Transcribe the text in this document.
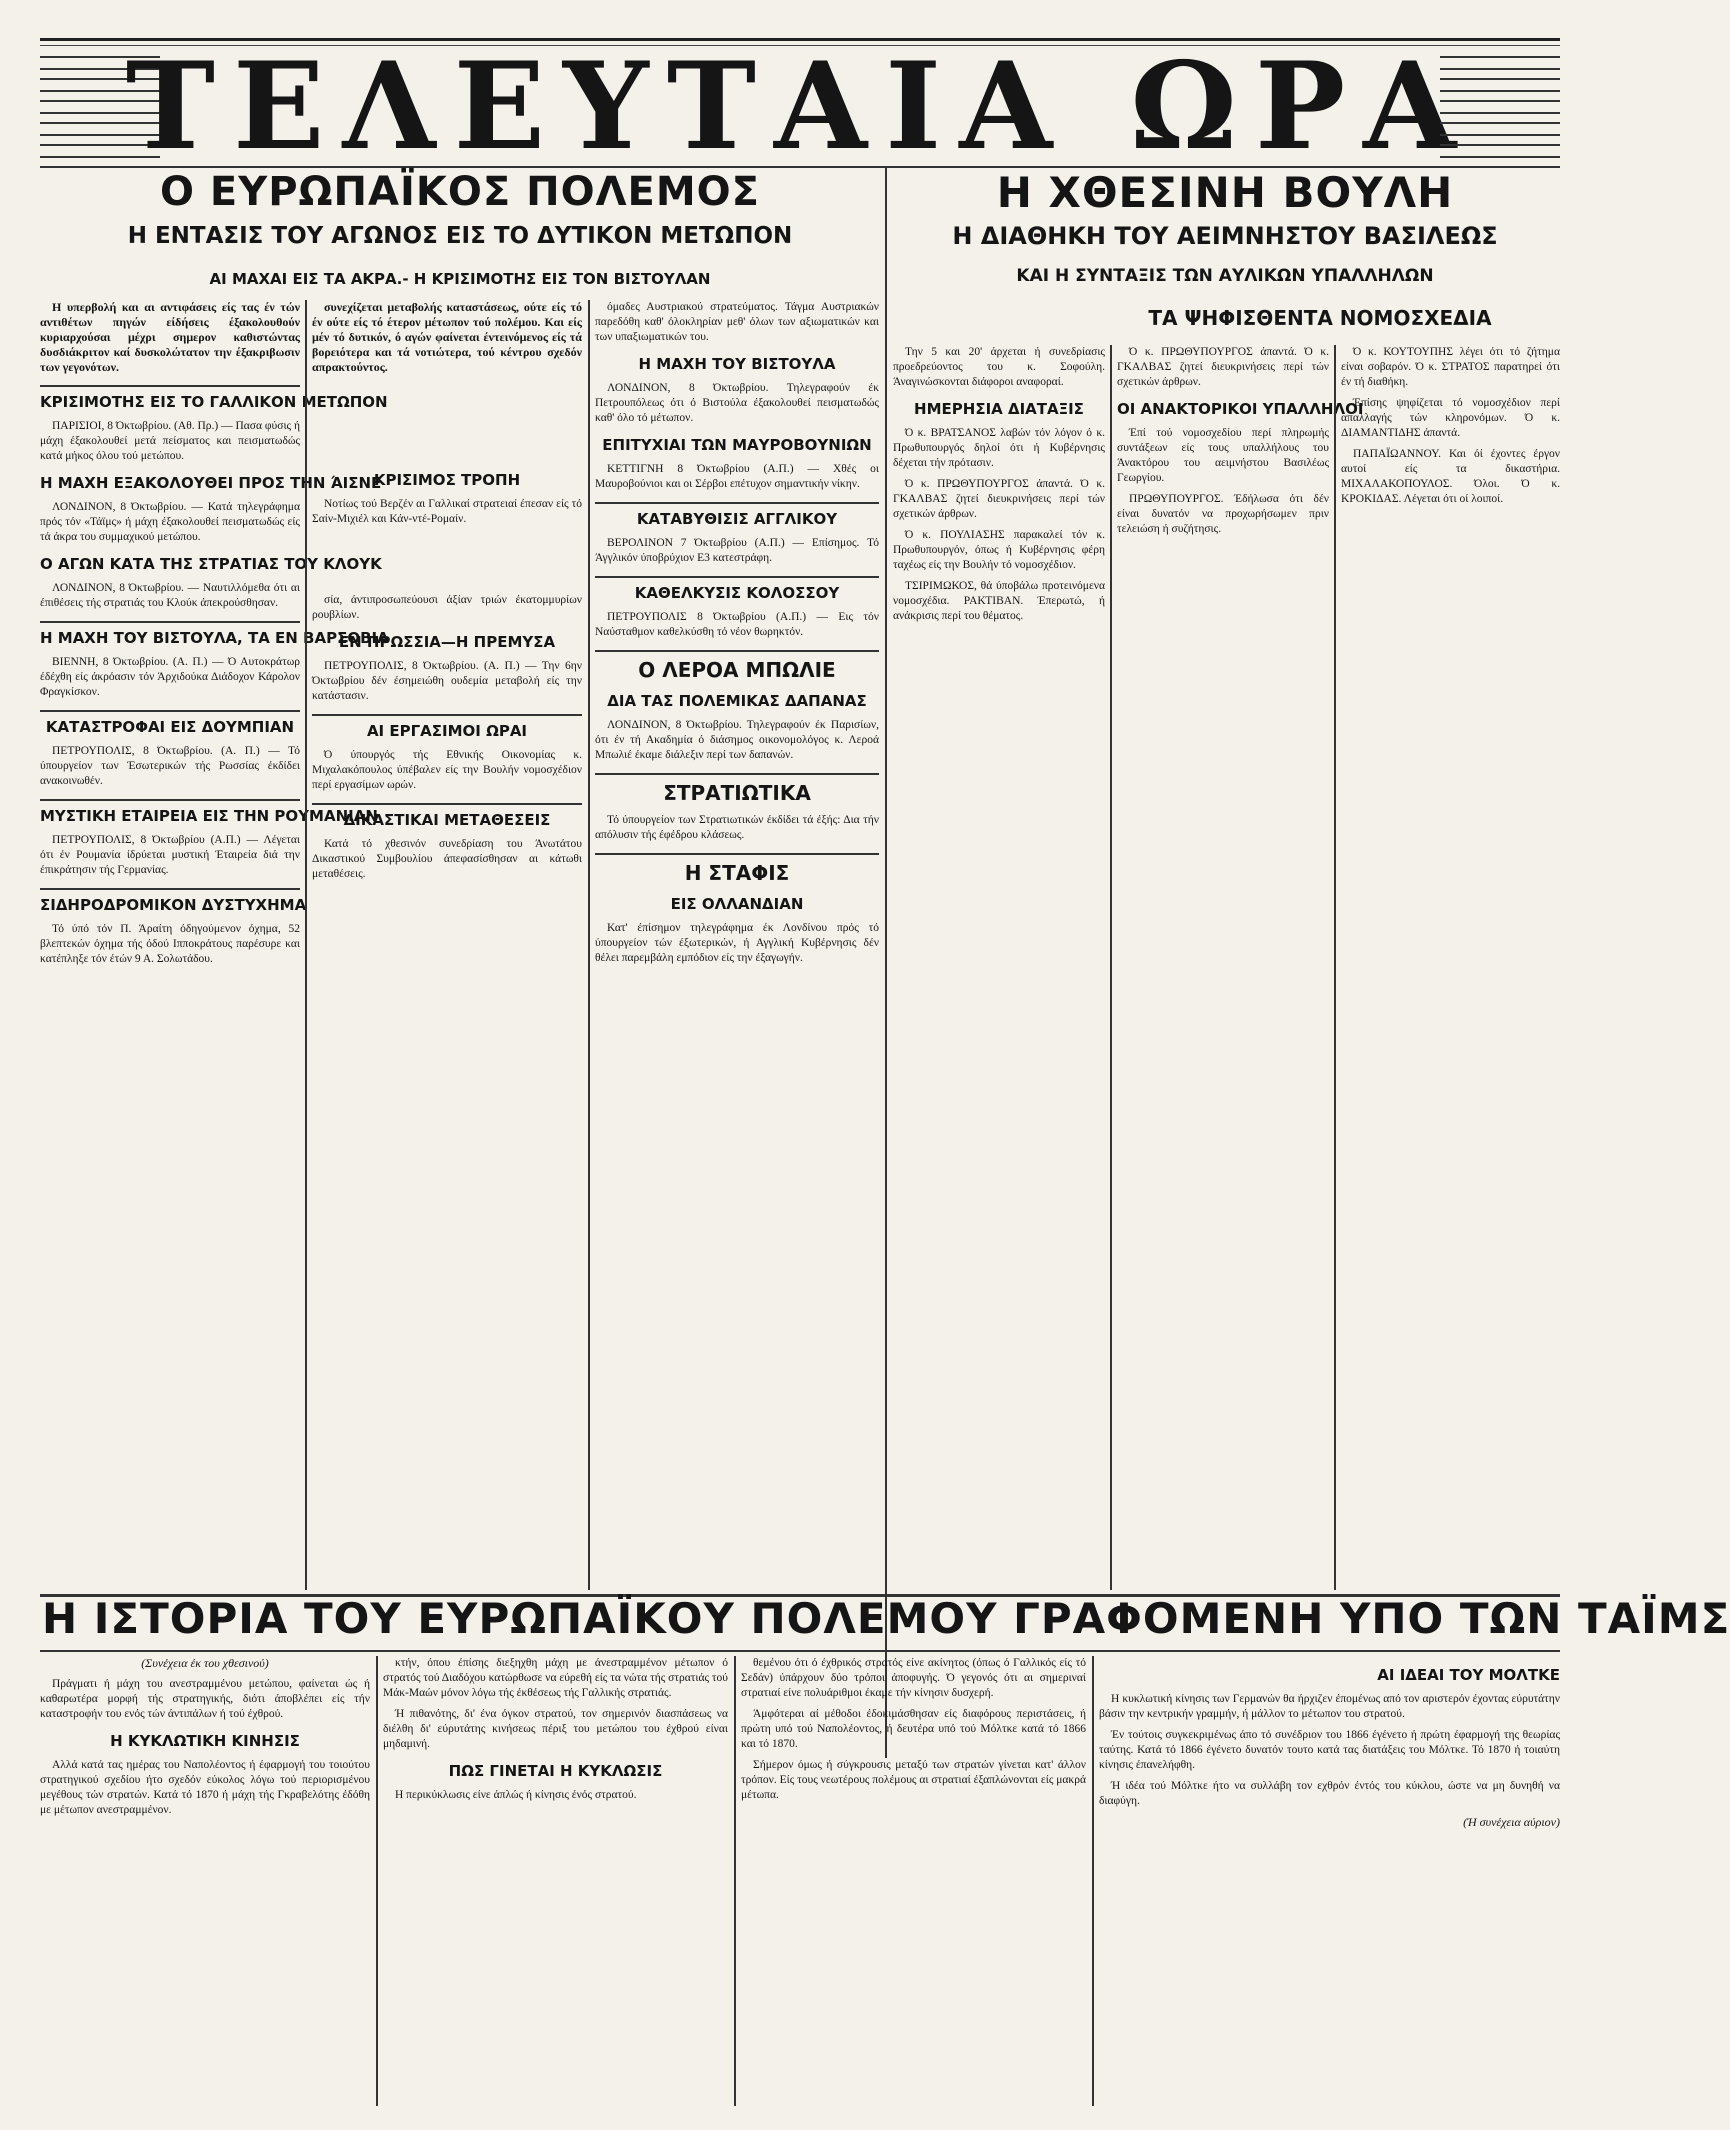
ΤΕΛΕΥΤΑΙΑ ΩΡΑ
Ο ΕΥΡΩΠΑΪΚΟΣ ΠΟΛΕΜΟΣ
Η ΕΝΤΑΣΙΣ ΤΟΥ ΑΓΩΝΟΣ ΕΙΣ ΤΟ ΔΥΤΙΚΟΝ ΜΕΤΩΠΟΝ
ΑΙ ΜΑΧΑΙ ΕΙΣ ΤΑ ΑΚΡΑ.- Η ΚΡΙΣΙΜΟΤΗΣ ΕΙΣ ΤΟΝ ΒΙΣΤΟΥΛΑΝ
Η ΧΘΕΣΙΝΗ ΒΟΥΛΗ
Η ΔΙΑΘΗΚΗ ΤΟΥ ΑΕΙΜΝΗΣΤΟΥ ΒΑΣΙΛΕΩΣ
ΚΑΙ Η ΣΥΝΤΑΞΙΣ ΤΩΝ ΑΥΛΙΚΩΝ ΥΠΑΛΛΗΛΩΝ
ΤΑ ΨΗΦΙΣΘΕΝΤΑ ΝΟΜΟΣΧΕΔΙΑ

Η υπερβολή και αι αντιφάσεις είς τας έν τών αντιθέτων πηγών είδήσεις έξακολουθούν κυριαρχούσαι μέχρι σημερον καθιστώντας δυσδιάκριτον καί δυσκολώτατον την έξακριβωσιν των γεγονότων.

ΚΡΙΣΙΜΟΤΗΣ ΕΙΣ ΤΟ ΓΑΛΛΙΚΟΝ ΜΕΤΩΠΟΝ

ΠΑΡΙΣΙΟΙ, 8 Όκτωβρίου. (Αθ. Πρ.) — Πασα φύσις ή μάχη έξακολουθεί μετά πείσματος και πεισματωδώς κατά μήκος όλου τού μετώπου.

Η ΜΑΧΗ ΕΞΑΚΟΛΟΥΘΕΙ ΠΡΟΣ ΤΗΝ ΆΙΣΝΕ

ΛΟΝΔΙΝΟΝ, 8 Όκτωβρίου. — Κατά τηλεγράφημα πρός τόν «Τάϊμς» ή μάχη έξακολουθεί πεισματωδώς είς τά άκρα του συμμαχικού μετώπου.

Ο ΑΓΩΝ ΚΑΤΑ ΤΗΣ ΣΤΡΑΤΙΑΣ ΤΟΥ ΚΛΟΥΚ

ΛΟΝΔΙΝΟΝ, 8 Όκτωβρίου. — Ναυτιλλόμεθα ότι αι έπιθέσεις τής στρατιάς του Κλούκ άπεκρούσθησαν.

Η ΜΑΧΗ ΤΟΥ ΒΙΣΤΟΥΛΑ, ΤΑ ΕΝ ΒΑΡΣΟΒΙΑ

ΒΙΕΝΝΗ, 8 Όκτωβρίου. (Α. Π.) — Ό Αυτοκράτωρ έδέχθη είς άκρόασιν τόν Άρχιδούκα Διάδοχον Κάρολον Φραγκίσκον.

ΚΑΤΑΣΤΡΟΦΑΙ ΕΙΣ ΔΟΥΜΠΙΑΝ

ΠΕΤΡΟΥΠΟΛΙΣ, 8 Όκτωβρίου. (Α. Π.) — Τό ύπουργείον των Έσωτερικών τής Ρωσσίας έκδίδει ανακοινωθέν.

ΜΥΣΤΙΚΗ ΕΤΑΙΡΕΙΑ ΕΙΣ ΤΗΝ ΡΟΥΜΑΝΙΑΝ

ΠΕΤΡΟΥΠΟΛΙΣ, 8 Όκτωβρίου (Α.Π.) — Λέγεται ότι έν Ρουμανία ίδρύεται μυστική Έταιρεία διά την έπικράτησιν τής Γερμανίας.

ΣΙΔΗΡΟΔΡΟΜΙΚΟΝ ΔΥΣΤΥΧΗΜΑ

Τό ύπό τόν Π. Άραίτη όδηγούμενον όχημα, 52 βλεπτεκών όχημα τής όδού Ιπποκράτους παρέσυρε και κατέπληξε τόν έτών 9 Α. Σολωτάδου.

συνεχίζεται μεταβολής καταστάσεως, ούτε είς τό έν ούτε είς τό έτερον μέτωπον τού πολέμου. Και είς μέν τό δυτικόν, ό αγών φαίνεται έντεινόμενος είς τά βορειότερα και τά νοτιώτερα, τού κέντρου σχεδόν απρακτούντος.

ΚΡΙΣΙΜΟΣ ΤΡΟΠΗ

Νοτίως τού Βερζέν αι Γαλλικαί στρατειαί έπεσαν είς τό Σαίν-Μιχιέλ και Κάν-ντέ-Ρομαίν.

σία, άντιπροσωπεύουσι άξίαν τριών έκατομμυρίων ρουβλίων.

ΕΝ ΠΡΩΣΣΙΑ—Η ΠΡΕΜΥΣΑ

ΠΕΤΡΟΥΠΟΛΙΣ, 8 Όκτωβρίου. (Α. Π.) — Την 6ην Όκτωβρίου δέν έσημειώθη ουδεμία μεταβολή είς την κατάστασιν.

ΑΙ ΕΡΓΑΣΙΜΟΙ ΩΡΑΙ

Ό ύπουργός τής Εθνικής Οικονομίας κ. Μιχαλακόπουλος ύπέβαλεν είς την Βουλήν νομοσχέδιον περί εργασίμων ωρών.

ΔΙΚΑΣΤΙΚΑΙ ΜΕΤΑΘΕΣΕΙΣ

Κατά τό χθεσινόν συνεδρίαση του Άνωτάτου Δικαστικού Συμβουλίου άπεφασίσθησαν αι κάτωθι μεταθέσεις.

όμαδες Αυστριακού στρατεύματος. Τάγμα Αυστριακών παρεδόθη καθ' όλοκληρίαν μεθ' όλων των αξιωματικών και των υπαξιωματικών του.

Η ΜΑΧΗ ΤΟΥ ΒΙΣΤΟΥΛΑ

ΛΟΝΔΙΝΟΝ, 8 Όκτωβρίου. Τηλεγραφούν έκ Πετρουπόλεως ότι ό Βιστούλα έξακολουθεί πεισματωδώς καθ' όλο τό μέτωπον.

ΕΠΙΤΥΧΙΑΙ ΤΩΝ ΜΑΥΡΟΒΟΥΝΙΩΝ

ΚΕΤΤΙΓΝΗ 8 Όκτωβρίου (Α.Π.) — Χθές οι Μαυροβούνιοι και οι Σέρβοι επέτυχον σημαντικήν νίκην.

ΚΑΤΑΒΥΘΙΣΙΣ ΑΓΓΛΙΚΟΥ

ΒΕΡΟΛΙΝΟΝ 7 Όκτωβρίου (Α.Π.) — Επίσημος. Τό Άγγλικόν ύποβρύχιον Ε3 κατεστράφη.

ΚΑΘΕΛΚΥΣΙΣ ΚΟΛΟΣΣΟΥ

ΠΕΤΡΟΥΠΟΛΙΣ 8 Όκτωβρίου (Α.Π.) — Εις τόν Ναύσταθμον καθελκύσθη τό νέον θωρηκτόν.

Ο ΛΕΡΟΑ ΜΠΩΛΙΕ
ΔΙΑ ΤΑΣ ΠΟΛΕΜΙΚΑΣ ΔΑΠΑΝΑΣ

ΛΟΝΔΙΝΟΝ, 8 Όκτωβρίου. Τηλεγραφούν έκ Παρισίων, ότι έν τή Ακαδημία ό διάσημος οικονομολόγος κ. Λεροά Μπωλιέ έκαμε διάλεξιν περί των δαπανών.

ΣΤΡΑΤΙΩΤΙΚΑ

Τό ύπουργείον των Στρατιωτικών έκδίδει τά έξής: Δια τήν απόλυσιν τής έφέδρου κλάσεως.

Η ΣΤΑΦΙΣ
ΕΙΣ ΟΛΛΑΝΔΙΑΝ

Κατ' έπίσημον τηλεγράφημα έκ Λονδίνου πρός τό ύπουργείον τών έξωτερικών, ή Αγγλική Κυβέρνησις δέν θέλει παρεμβάλη εμπόδιον είς την έξαγωγήν.

Την 5 και 20' άρχεται ή συνεδρίασις προεδρεύοντος του κ. Σοφούλη. Άναγινώσκονται διάφοροι αναφοραί.

ΗΜΕΡΗΣΙΑ ΔΙΑΤΑΞΙΣ

Ό κ. ΒΡΑΤΣΑΝΟΣ λαβών τόν λόγον ό κ. Πρωθυπουργός δηλοί ότι ή Κυβέρνησις δέχεται τήν πρότασιν.

Ό κ. ΠΡΩΘΥΠΟΥΡΓΟΣ άπαντά. Ό κ. ΓΚΑΛΒΑΣ ζητεί διευκρινήσεις περί τών σχετικών άρθρων.

Ό κ. ΠΟΥΛΙΑΣΗΣ παρακαλεί τόν κ. Πρωθυπουργόν, όπως ή Κυβέρνησις φέρη ταχέως είς την Βουλήν τό νομοσχέδιον.

ΤΣΙΡΙΜΩΚΟΣ, θά ύποβάλω προτεινόμενα νομοσχέδια. ΡΑΚΤΙΒΑΝ. Έπερωτώ, ή ανάκρισις περί του θέματος.

Ό κ. ΠΡΩΘΥΠΟΥΡΓΟΣ άπαντά. Ό κ. ΓΚΑΛΒΑΣ ζητεί διευκρινήσεις περί τών σχετικών άρθρων.

ΟΙ ΑΝΑΚΤΟΡΙΚΟΙ ΥΠΑΛΛΗΛΟΙ

Έπί τού νομοσχεδίου περί πληρωμής συντάξεων είς τους υπαλλήλους του Άνακτόρου του αειμνήστου Βασιλέως Γεωργίου.

ΠΡΩΘΥΠΟΥΡΓΟΣ. Έδήλωσα ότι δέν είναι δυνατόν να προχωρήσωμεν πριν τελειώση ή συζήτησις.

Ό κ. ΚΟΥΤΟΥΠΗΣ λέγει ότι τό ζήτημα είναι σοβαρόν. Ό κ. ΣΤΡΑΤΟΣ παρατηρεί ότι έν τή διαθήκη.

Έπίσης ψηφίζεται τό νομοσχέδιον περί απαλλαγής τών κληρονόμων. Ό κ. ΔΙΑΜΑΝΤΙΔΗΣ άπαντά.

ΠΑΠΑΪΩΑΝΝΟΥ. Και όί έχοντες έργον αυτοί είς τα δικαστήρια. ΜΙΧΑΛΑΚΟΠΟΥΛΟΣ. Όλοι. Ό κ. ΚΡΟΚΙΔΑΣ. Λέγεται ότι οί λοιποί.

Η ΙΣΤΟΡΙΑ ΤΟΥ ΕΥΡΩΠΑΪΚΟΥ ΠΟΛΕΜΟΥ ΓΡΑΦΟΜΕΝΗ ΥΠΟ ΤΩΝ ΤΑΪΜΣ
(Συνέχεια έκ του χθεσινού)

Πράγματι ή μάχη του ανεστραμμένου μετώπου, φαίνεται ώς ή καθαρωτέρα μορφή τής στρατηγικής, διότι άποβλέπει είς τήν καταστροφήν του ενός τών άντιπάλων ή τού έχθρού.

Η ΚΥΚΛΩΤΙΚΗ ΚΙΝΗΣΙΣ

Αλλά κατά τας ημέρας του Ναπολέοντος ή έφαρμογή του τοιούτου στρατηγικού σχεδίου ήτο σχεδόν εύκολος λόγω τού περιορισμένου μεγέθους τών στρατών. Κατά τό 1870 ή μάχη τής Γκραβελότης έδόθη με μέτωπον ανεστραμμένον.

κτήν, όπου έπίσης διεξηχθη μάχη με άνεστραμμένον μέτωπον ό στρατός τού Διαδόχου κατώρθωσε να εύρεθή είς τα νώτα τής στρατιάς τού Μάκ-Μαών μόνον λόγω τής έκθέσεως τής Γαλλικής στρατιάς.

Ή πιθανότης, δι' ένα όγκον στρατού, τον σημερινόν διασπάσεως να διέλθη δι' εύρυτάτης κινήσεως πέριξ του μετώπου του έχθρού είναι μηδαμινή.

ΠΩΣ ΓΙΝΕΤΑΙ Η ΚΥΚΛΩΣΙΣ

Η περικύκλωσις είνε άπλώς ή κίνησις ένός στρατού.

θεμένου ότι ό έχθρικός στρατός είνε ακίνητος (όπως ό Γαλλικός είς τό Σεδάν) ύπάρχουν δύο τρόποι άποφυγής. Ό γεγονός ότι αι σημεριναί στρατιαί είνε πολυάριθμοι έκαμε τήν κίνησιν δυσχερή.

Άμφότεραι αί μέθοδοι έδοκιμάσθησαν είς διαφόρους περιστάσεις, ή πρώτη υπό τού Ναπολέοντος, ή δευτέρα υπό τού Μόλτκε κατά τό 1866 και τό 1870.

Σήμερον όμως ή σύγκρουσις μεταξύ των στρατών γίνεται κατ' άλλον τρόπον. Είς τους νεωτέρους πολέμους αι στρατιαί έξαπλώνονται είς μακρά μέτωπα.

ΑΙ ΙΔΕΑΙ ΤΟΥ ΜΟΛΤΚΕ

Η κυκλωτική κίνησις των Γερμανών θα ήρχιζεν έπομένως από τον αριστερόν έχοντας εύρυτάτην βάσιν την κεντρικήν γραμμήν, ή μάλλον το μέτωπον του στρατού.

Έν τούτοις συγκεκριμένως άπο τό συνέδριον του 1866 έγένετο ή πρώτη έφαρμογή της θεωρίας ταύτης. Κατά τό 1866 έγένετο δυνατόν τουτο κατά τας διατάξεις του Μόλτκε. Τό 1870 ή τοιαύτη κίνησις έπανελήφθη.

Ή ιδέα τού Μόλτκε ήτο να συλλάβη τον εχθρόν έντός του κύκλου, ώστε να μη δυνηθή να διαφύγη.

(Ή συνέχεια αύριον)
